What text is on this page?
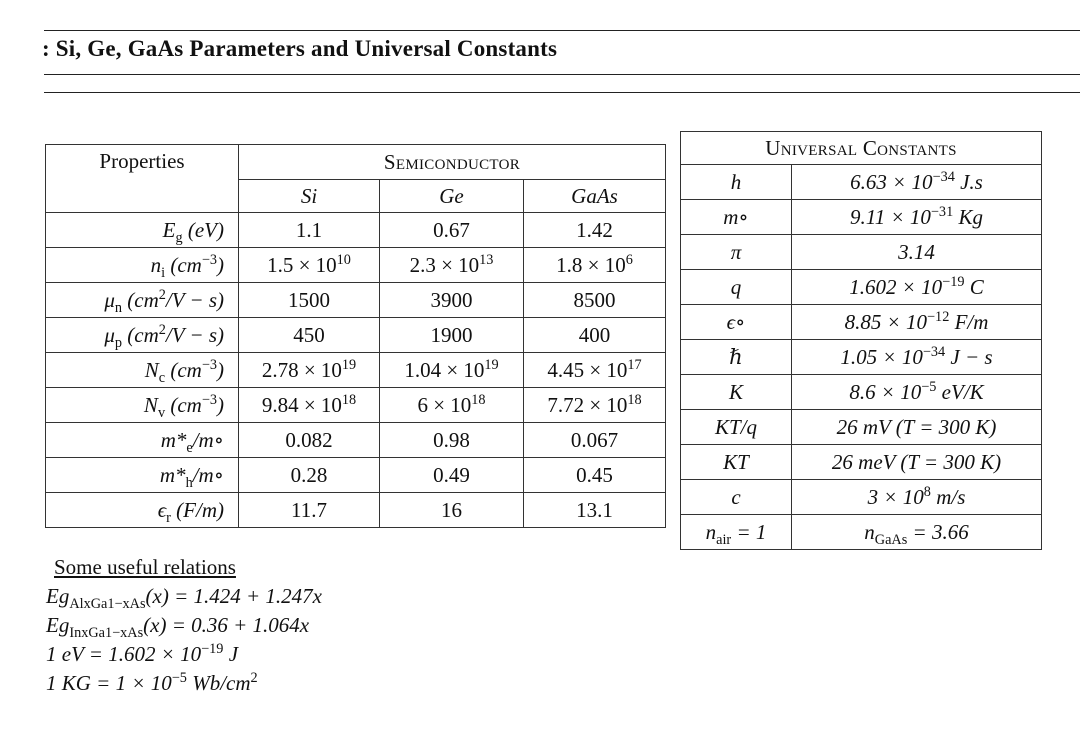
: Si, Ge, GaAs Parameters and Universal Constants
Properties	Semiconductor		
	Si	Ge	GaAs
$E_g$ (eV)	1.1	0.67	1.42
$n_i$ $(cm^{-3})$	$1.5 \times 10^{10}$	$2.3 \times 10^{13}$	$1.8 \times 10^6$
$\mu_n$ $(cm^2/V - s)$	1500	3900	8500
$\mu_p$ $(cm^2/V - s)$	450	1900	400
$N_c$ $(cm^{-3})$	$2.78 \times 10^{19}$	$1.04 \times 10^{19}$	$4.45 \times 10^{17}$
$N_v$ $(cm^{-3})$	$9.84 \times 10^{18}$	$6 \times 10^{18}$	$7.72 \times 10^{18}$
$m*_e/m\circ$	0.082	0.98	0.067
$m*_h/m\circ$	0.28	0.49	0.45
$\epsilon_r$ (F/m)	11.7	16	13.1
Universal Constants	
h	$6.63 \times 10^{-34}$ J.s
m∘	$9.11 \times 10^{-31}$ Kg
π	3.14
q	$1.602 \times 10^{-19}$ C
ϵ∘	$8.85 \times 10^{-12}$ F/m
ℏ	$1.05 \times 10^{-34}$ J − s
K	$8.6 \times 10^{-5}$ eV/K
KT/q	26 mV (T = 300 K)
KT	26 meV (T = 300 K)
c	$3 \times 10^8$ m/s
$n_{air} = 1$	$n_{GaAs} = 3.66$
Some useful relations
$Eg_{AlxGa1-xAs}(x) = 1.424 + 1.247x$
$Eg_{InxGa1-xAs}(x) = 0.36 + 1.064x$
1 eV = $1.602 \times 10^{-19}$ J
1 KG = $1 \times 10^{-5}$ $Wb/cm^2$
